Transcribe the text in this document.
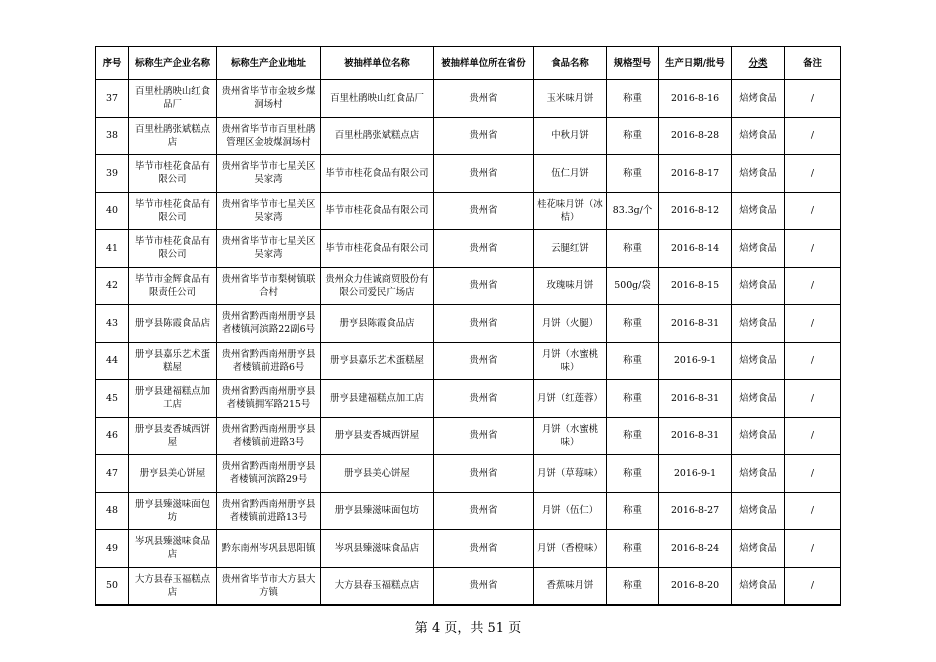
序号	标称生产企业名称	标称生产企业地址	被抽样单位名称	被抽样单位所在省份	食品名称	规格型号	生产日期/批号	分类	备注
37	百里杜鹃映山红食品厂	贵州省毕节市金坡乡煤洞场村	百里杜鹃映山红食品厂	贵州省	玉米味月饼	称重	2016-8-16	焙烤食品	/
38	百里杜鹃张斌糕点店	贵州省毕节市百里杜鹃管理区金坡煤洞场村	百里杜鹃张斌糕点店	贵州省	中秋月饼	称重	2016-8-28	焙烤食品	/
39	毕节市桂花食品有限公司	贵州省毕节市七星关区吴家湾	毕节市桂花食品有限公司	贵州省	伍仁月饼	称重	2016-8-17	焙烤食品	/
40	毕节市桂花食品有限公司	贵州省毕节市七星关区吴家湾	毕节市桂花食品有限公司	贵州省	桂花味月饼（冰桔）	83.3g/个	2016-8-12	焙烤食品	/
41	毕节市桂花食品有限公司	贵州省毕节市七星关区吴家湾	毕节市桂花食品有限公司	贵州省	云腿红饼	称重	2016-8-14	焙烤食品	/
42	毕节市金辉食品有限责任公司	贵州省毕节市梨树镇联合村	贵州众力佳诚商贸股份有限公司爱民广场店	贵州省	玫瑰味月饼	500g/袋	2016-8-15	焙烤食品	/
43	册亨县陈霞食品店	贵州省黔西南州册亨县者楼镇河滨路22副6号	册亨县陈霞食品店	贵州省	月饼（火腿）	称重	2016-8-31	焙烤食品	/
44	册亨县嘉乐艺术蛋糕屋	贵州省黔西南州册亨县者楼镇前进路6号	册亨县嘉乐艺术蛋糕屋	贵州省	月饼（水蜜桃味）	称重	2016-9-1	焙烤食品	/
45	册亨县建福糕点加工店	贵州省黔西南州册亨县者楼镇拥军路215号	册亨县建福糕点加工店	贵州省	月饼（红莲蓉）	称重	2016-8-31	焙烤食品	/
46	册亨县麦香城西饼屋	贵州省黔西南州册亨县者楼镇前进路3号	册亨县麦香城西饼屋	贵州省	月饼（水蜜桃味）	称重	2016-8-31	焙烤食品	/
47	册亨县美心饼屋	贵州省黔西南州册亨县者楼镇河滨路29号	册亨县美心饼屋	贵州省	月饼（草莓味）	称重	2016-9-1	焙烤食品	/
48	册亨县臻滋味面包坊	贵州省黔西南州册亨县者楼镇前进路13号	册亨县臻滋味面包坊	贵州省	月饼（伍仁）	称重	2016-8-27	焙烤食品	/
49	岑巩县臻滋味食品店	黔东南州岑巩县思阳镇	岑巩县臻滋味食品店	贵州省	月饼（香橙味）	称重	2016-8-24	焙烤食品	/
50	大方县春玉福糕点店	贵州省毕节市大方县大方镇	大方县春玉福糕点店	贵州省	香蕉味月饼	称重	2016-8-20	焙烤食品	/
第 4 页，共 51 页
